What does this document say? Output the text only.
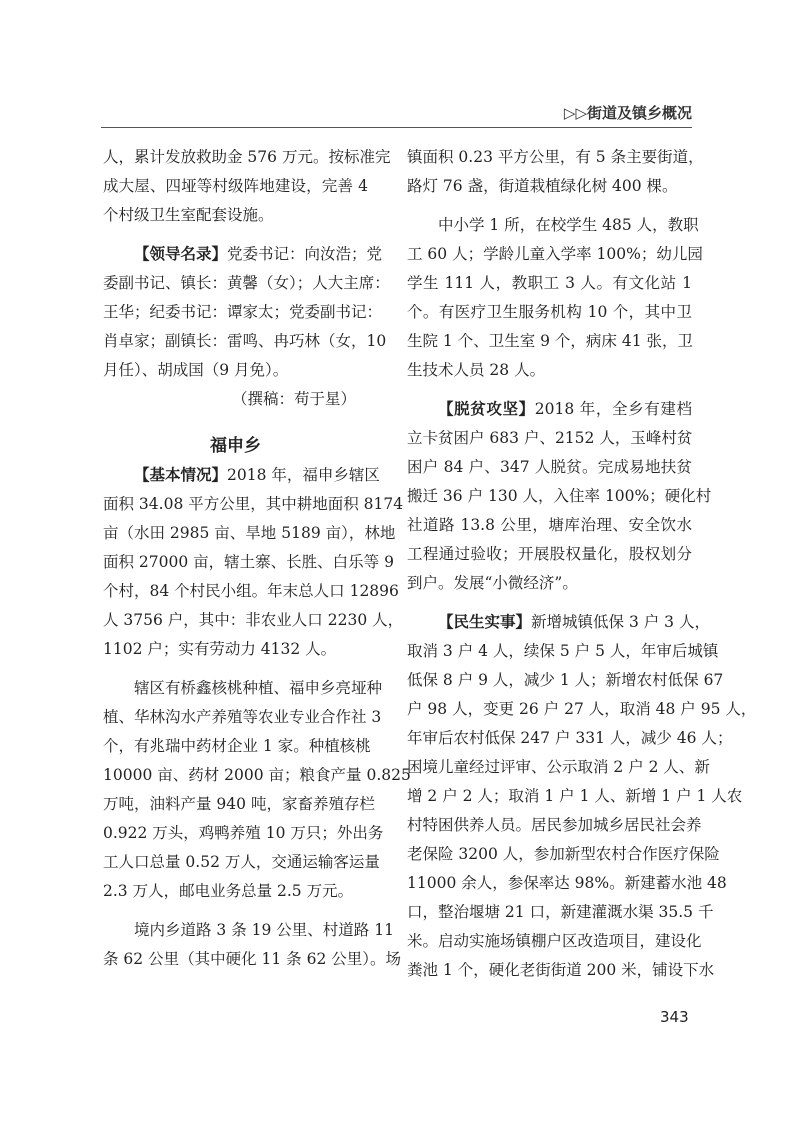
▷▷街道及镇乡概况
人，累计发放救助金 576 万元。按标准完
成大屋、四垭等村级阵地建设，完善 4
个村级卫生室配套设施。
【领导名录】党委书记：向汝浩；党
委副书记、镇长：黄馨（女）；人大主席：
王华；纪委书记：谭家太；党委副书记：
肖卓家；副镇长：雷鸣、冉巧林（女，10
月任）、胡成国（9 月免）。
（撰稿：苟于星）
福申乡
【基本情况】2018 年，福申乡辖区
面积 34.08 平方公里，其中耕地面积 8174
亩（水田 2985 亩、旱地 5189 亩），林地
面积 27000 亩，辖土寨、长胜、白乐等 9
个村，84 个村民小组。年末总人口 12896
人 3756 户，其中：非农业人口 2230 人，
1102 户；实有劳动力 4132 人。
辖区有桥鑫核桃种植、福申乡亮垭种
植、华林沟水产养殖等农业专业合作社 3
个，有兆瑞中药材企业 1 家。种植核桃
10000 亩、药材 2000 亩；粮食产量 0.825
万吨，油料产量 940 吨，家畜养殖存栏
0.922 万头，鸡鸭养殖 10 万只；外出务
工人口总量 0.52 万人，交通运输客运量
2.3 万人，邮电业务总量 2.5 万元。
境内乡道路 3 条 19 公里、村道路 11
条 62 公里（其中硬化 11 条 62 公里）。场
镇面积 0.23 平方公里，有 5 条主要街道，
路灯 76 盏，街道栽植绿化树 400 棵。
中小学 1 所，在校学生 485 人，教职
工 60 人；学龄儿童入学率 100%；幼儿园
学生 111 人，教职工 3 人。有文化站 1
个。有医疗卫生服务机构 10 个，其中卫
生院 1 个、卫生室 9 个，病床 41 张，卫
生技术人员 28 人。
【脱贫攻坚】2018 年，全乡有建档
立卡贫困户 683 户、2152 人，玉峰村贫
困户 84 户、347 人脱贫。完成易地扶贫
搬迁 36 户 130 人，入住率 100%；硬化村
社道路 13.8 公里，塘库治理、安全饮水
工程通过验收；开展股权量化，股权划分
到户。发展“小微经济”。
【民生实事】新增城镇低保 3 户 3 人，
取消 3 户 4 人，续保 5 户 5 人，年审后城镇
低保 8 户 9 人，减少 1 人；新增农村低保 67
户 98 人，变更 26 户 27 人，取消 48 户 95 人，
年审后农村低保 247 户 331 人，减少 46 人；
困境儿童经过评审、公示取消 2 户 2 人、新
增 2 户 2 人；取消 1 户 1 人、新增 1 户 1 人农
村特困供养人员。居民参加城乡居民社会养
老保险 3200 人，参加新型农村合作医疗保险
11000 余人，参保率达 98%。新建蓄水池 48
口，整治堰塘 21 口，新建灌溉水渠 35.5 千
米。启动实施场镇棚户区改造项目，建设化
粪池 1 个，硬化老街街道 200 米，铺设下水
343
